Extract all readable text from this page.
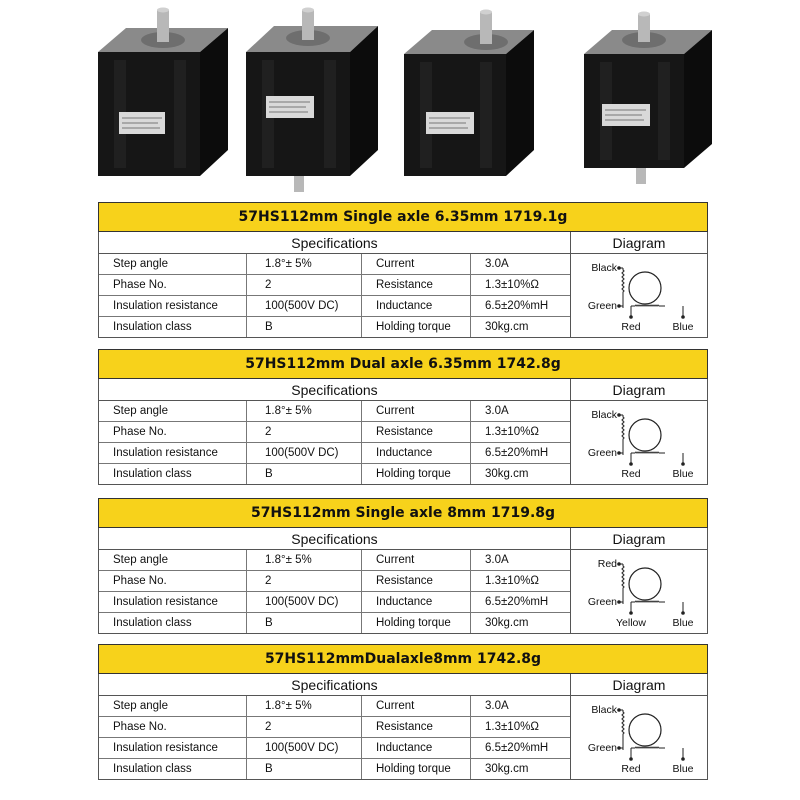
57HS112mm Single axle 6.35mm 1719.1g
Specifications
Step angle	1.8°± 5%	Current	3.0A
Phase No.	2	Resistance	1.3±10%Ω
Insulation resistance	100(500V DC)	Inductance	6.5±20%mH
Insulation class	B	Holding torque	30kg.cm
Diagram
Black
Green
Red	Blue
57HS112mm Dual axle 6.35mm 1742.8g
Specifications
Step angle	1.8°± 5%	Current	3.0A
Phase No.	2	Resistance	1.3±10%Ω
Insulation resistance	100(500V DC)	Inductance	6.5±20%mH
Insulation class	B	Holding torque	30kg.cm
Diagram
Black
Green
Red	Blue
57HS112mm Single axle 8mm 1719.8g
Specifications
Step angle	1.8°± 5%	Current	3.0A
Phase No.	2	Resistance	1.3±10%Ω
Insulation resistance	100(500V DC)	Inductance	6.5±20%mH
Insulation class	B	Holding torque	30kg.cm
Diagram
Red
Green
Yellow	Blue
57HS112mmDualaxle8mm 1742.8g
Specifications
Step angle	1.8°± 5%	Current	3.0A
Phase No.	2	Resistance	1.3±10%Ω
Insulation resistance	100(500V DC)	Inductance	6.5±20%mH
Insulation class	B	Holding torque	30kg.cm
Diagram
Black
Green
Red	Blue
